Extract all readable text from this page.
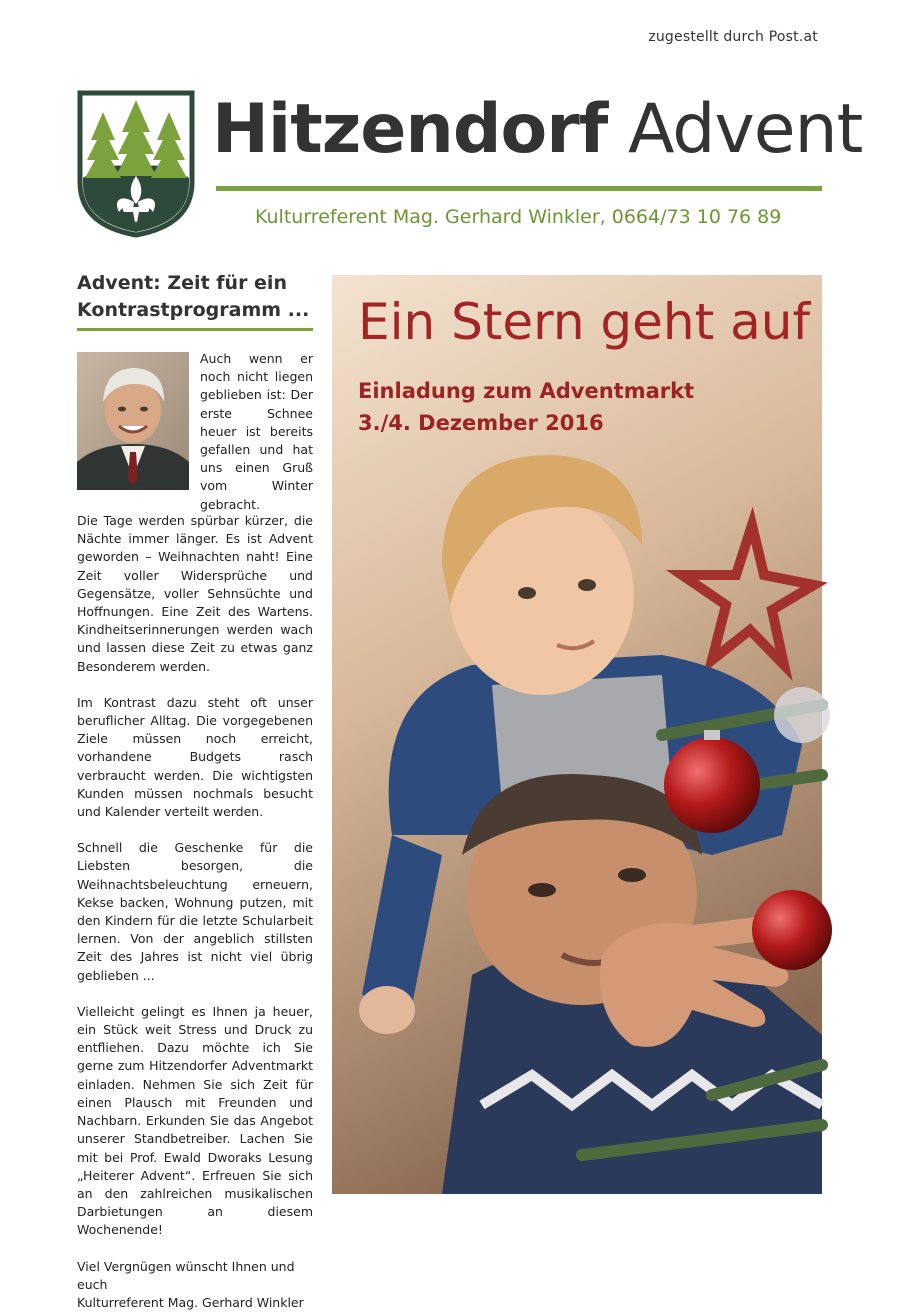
zugestellt durch Post.at
Hitzendorf Advent
Kulturreferent Mag. Gerhard Winkler, 0664/73 10 76 89
Advent: Zeit für ein
Kontrastprogramm ...
Auch wenn er noch nicht liegen geblieben ist: Der erste Schnee heuer ist bereits gefallen und hat uns einen Gruß vom Winter gebracht.

Die Tage werden spürbar kürzer, die Nächte immer länger. Es ist Advent geworden – Weihnachten naht! Eine Zeit voller Widersprüche und Gegensätze, voller Sehnsüchte und Hoffnungen. Eine Zeit des Wartens. Kindheitserinnerungen werden wach und lassen diese Zeit zu etwas ganz Besonderem werden.

Im Kontrast dazu steht oft unser beruflicher Alltag. Die vorgegebenen Ziele müssen noch erreicht, vorhandene Budgets rasch verbraucht werden. Die wichtigsten Kunden müssen nochmals besucht und Kalender verteilt werden.

Schnell die Geschenke für die Liebsten besorgen, die Weihnachtsbeleuchtung erneuern, Kekse backen, Wohnung putzen, mit den Kindern für die letzte Schularbeit lernen. Von der angeblich stillsten Zeit des Jahres ist nicht viel übrig geblieben ...

Vielleicht gelingt es Ihnen ja heuer, ein Stück weit Stress und Druck zu entfliehen. Dazu möchte ich Sie gerne zum Hitzendorfer Adventmarkt einladen. Nehmen Sie sich Zeit für einen Plausch mit Freunden und Nachbarn. Erkunden Sie das Angebot unserer Standbetreiber. Lachen Sie mit bei Prof. Ewald Dworaks Lesung „Heiterer Advent“. Erfreuen Sie sich an den zahlreichen musikalischen Darbietungen an diesem Wochenende!

Viel Vergnügen wünscht Ihnen und euch
Kulturreferent Mag. Gerhard Winkler

Ein Stern geht auf
Einladung zum Adventmarkt
3./4. Dezember 2016
